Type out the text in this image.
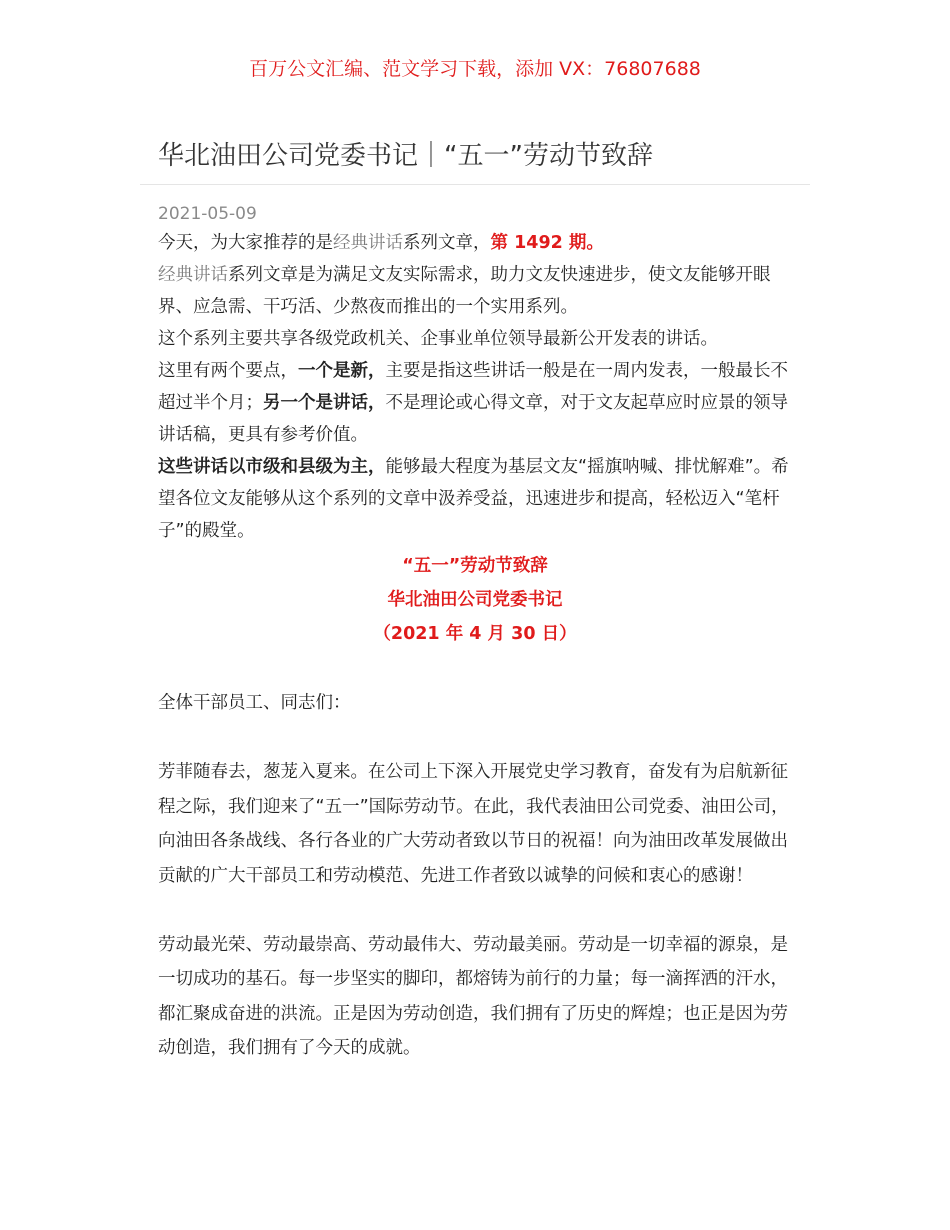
百万公文汇编、范文学习下载，添加 VX：76807688
华北油田公司党委书记｜“五一”劳动节致辞
2021-05-09

今天，为大家推荐的是经典讲话系列文章，第 1492 期。

经典讲话系列文章是为满足文友实际需求，助力文友快速进步，使文友能够开眼界、应急需、干巧活、少熬夜而推出的一个实用系列。

这个系列主要共享各级党政机关、企事业单位领导最新公开发表的讲话。

这里有两个要点，一个是新，主要是指这些讲话一般是在一周内发表，一般最长不超过半个月；另一个是讲话，不是理论或心得文章，对于文友起草应时应景的领导讲话稿，更具有参考价值。

这些讲话以市级和县级为主，能够最大程度为基层文友“摇旗呐喊、排忧解难”。希望各位文友能够从这个系列的文章中汲养受益，迅速进步和提高，轻松迈入“笔杆子”的殿堂。

“五一”劳动节致辞
华北油田公司党委书记
（2021 年 4 月 30 日）

全体干部员工、同志们：

芳菲随春去，葱茏入夏来。在公司上下深入开展党史学习教育，奋发有为启航新征程之际，我们迎来了“五一”国际劳动节。在此，我代表油田公司党委、油田公司，向油田各条战线、各行各业的广大劳动者致以节日的祝福！向为油田改革发展做出贡献的广大干部员工和劳动模范、先进工作者致以诚挚的问候和衷心的感谢！

劳动最光荣、劳动最崇高、劳动最伟大、劳动最美丽。劳动是一切幸福的源泉，是一切成功的基石。每一步坚实的脚印，都熔铸为前行的力量；每一滴挥洒的汗水，都汇聚成奋进的洪流。正是因为劳动创造，我们拥有了历史的辉煌；也正是因为劳动创造，我们拥有了今天的成就。
